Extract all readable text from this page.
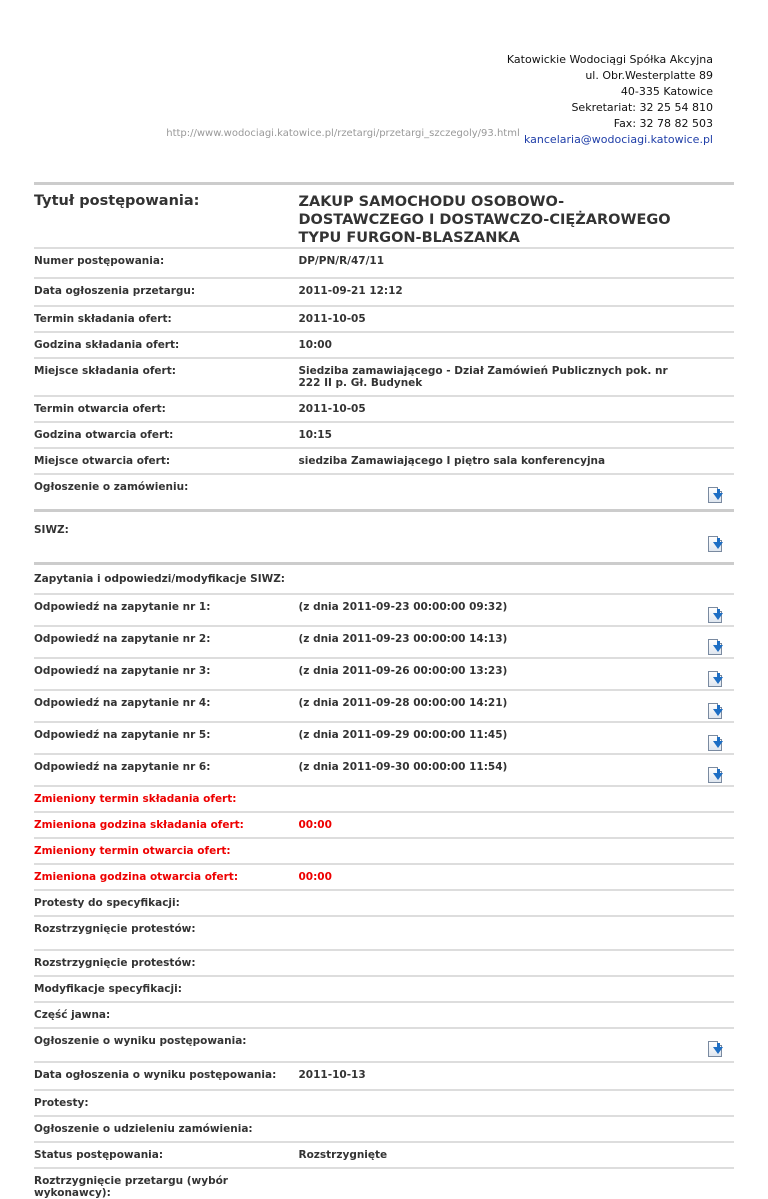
Katowickie Wodociągi Spółka Akcyjna
ul. Obr.Westerplatte 89
40-335 Katowice
Sekretariat: 32 25 54 810
Fax: 32 78 82 503
kancelaria@wodociagi.katowice.pl
http://www.wodociagi.katowice.pl/rzetargi/przetargi_szczegoly/93.html
Tytuł postępowania:	ZAKUP SAMOCHODU OSOBOWO-DOSTAWCZEGO I DOSTAWCZO-CIĘŻAROWEGO TYPU FURGON-BLASZANKA	
Numer postępowania:	DP/PN/R/47/11	
Data ogłoszenia przetargu:	2011-09-21 12:12	
Termin składania ofert:	2011-10-05	
Godzina składania ofert:	10:00	
Miejsce składania ofert:	Siedziba zamawiającego - Dział Zamówień Publicznych pok. nr 222 II p. Gł. Budynek	
Termin otwarcia ofert:	2011-10-05	
Godzina otwarcia ofert:	10:15	
Miejsce otwarcia ofert:	siedziba Zamawiającego I piętro sala konferencyjna	
Ogłoszenie o zamówieniu:		

SIWZ:		

Zapytania i odpowiedzi/modyfikacje SIWZ:		
Odpowiedź na zapytanie nr 1:	(z dnia 2011-09-23 00:00:00 09:32)	

Odpowiedź na zapytanie nr 2:	(z dnia 2011-09-23 00:00:00 14:13)	

Odpowiedź na zapytanie nr 3:	(z dnia 2011-09-26 00:00:00 13:23)	

Odpowiedź na zapytanie nr 4:	(z dnia 2011-09-28 00:00:00 14:21)	

Odpowiedź na zapytanie nr 5:	(z dnia 2011-09-29 00:00:00 11:45)	

Odpowiedź na zapytanie nr 6:	(z dnia 2011-09-30 00:00:00 11:54)	

Zmieniony termin składania ofert:		
Zmieniona godzina składania ofert:	00:00	
Zmieniony termin otwarcia ofert:		
Zmieniona godzina otwarcia ofert:	00:00	
Protesty do specyfikacji:		
Rozstrzygnięcie protestów:		
Rozstrzygnięcie protestów:		
Modyfikacje specyfikacji:		
Część jawna:		
Ogłoszenie o wyniku postępowania:		

Data ogłoszenia o wyniku postępowania:	2011-10-13	
Protesty:		
Ogłoszenie o udzieleniu zamówienia:		
Status postępowania:	Rozstrzygnięte	
Roztrzygnięcie przetargu (wybór wykonawcy):		
